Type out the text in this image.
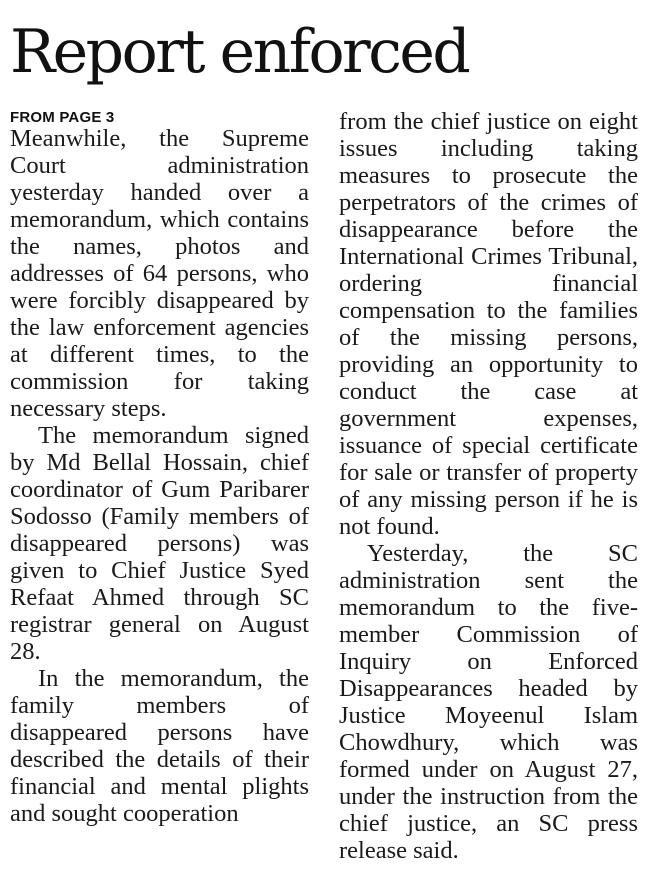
Report enforced
FROM PAGE 3

Meanwhile, the Supreme Court administration yesterday handed over a memorandum, which contains the names, photos and addresses of 64 persons, who were forcibly disappeared by the law enforcement agencies at different times, to the commission for taking necessary steps.

The memorandum signed by Md Bellal Hossain, chief coordinator of Gum Paribarer Sodosso (Family members of disappeared persons) was given to Chief Justice Syed Refaat Ahmed through SC registrar general on August 28.

In the memorandum, the family members of disappeared persons have described the details of their financial and mental plights and sought cooperation

from the chief justice on eight issues including taking measures to prosecute the perpetrators of the crimes of disappearance before the International Crimes Tribunal, ordering financial compensation to the families of the missing persons, providing an opportunity to conduct the case at government expenses, issuance of special certificate for sale or transfer of property of any missing person if he is not found.

Yesterday, the SC administration sent the memorandum to the five-member Commission of Inquiry on Enforced Disappearances headed by Justice Moyeenul Islam Chowdhury, which was formed under on August 27, under the instruction from the chief justice, an SC press release said.
